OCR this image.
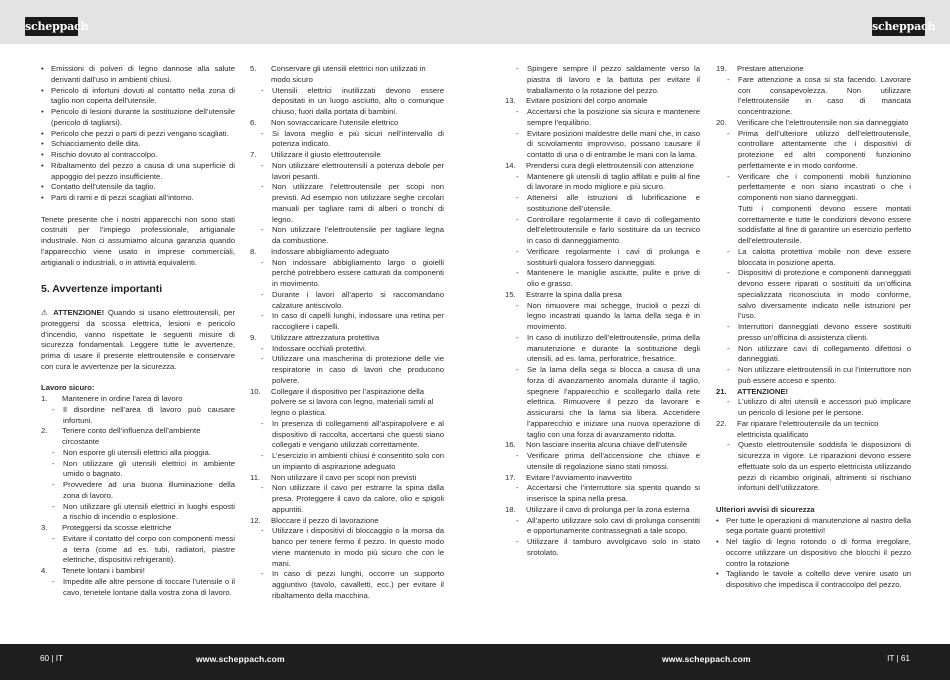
scheppach	scheppach
• Emissioni di polveri di legno dannose alla salute derivanti dall’uso in ambienti chiusi.
• Pericolo di infortuni dovuti al contatto nella zona di taglio non coperta dell’utensile.
• Pericolo di lesioni durante la sostituzione dell’utensile (pericolo di tagliarsi).
• Pericolo che pezzi o parti di pezzi vengano scagliati.
• Schiacciamento delle dita.
• Rischio dovuto al contraccolpo.
• Ribaltamento del pezzo a causa di una superficie di appoggio del pezzo insufficiente.
• Contatto dell’utensile da taglio.
• Parti di rami e di pezzi scagliati all’intorno.

Tenete presente che i nostri apparecchi non sono stati costruiti per l’impiego professionale, artigianale industriale. Non ci assumiamo alcuna garanzia quando l’apparecchio viene usato in imprese commerciali, artigianali o industriali, o in attività equivalenti.

5. Avvertenze importanti

⚠ ATTENZIONE! Quando si usano elettroutensili, per proteggersi da scossa elettrica, lesioni e pericolo d’incendio, vanno rispettate le seguenti misure di sicurezza fondamentali. Leggere tutte le avvertenze, prima di usare il presente elettroutensile e conservare con cura le avvertenze per la sicurezza.

Lavoro sicuro:
1. Mantenere in ordine l’area di lavoro
- Il disordine nell’area di lavoro può causare infortuni.
2. Tenere conto dell’influenza dell’ambiente circostante
- Non esporre gli utensili elettrici alla pioggia.
- Non utilizzare gli utensili elettrici in ambiente umido o bagnato.
- Provvedere ad una buona illuminazione della zona di lavoro.
- Non utilizzare gli utensili elettrici in luoghi esposti a rischio di incendio o esplosione.
3. Proteggersi da scosse elettriche
- Evitare il contatto del corpo con componenti messi a terra (come ad es. tubi, radiatori, piastre elettriche, dispositivi refrigeranti).
4. Tenete lontani i bambini!
- Impedite alle altre persone di toccare l’utensile o il cavo, tenetele lontane dalla vostra zona di lavoro.
5. Conservare gli utensili elettrici non utilizzati in modo sicuro
- Utensili elettrici inutilizzati devono essere depositati in un luogo asciutto, alto o comunque chiuso, fuori dalla portata di bambini.
6. Non sovraccaricare l’utensile elettrico
- Si lavora meglio e più sicuri nell’intervallo di potenza indicato.
7. Utilizzare il giusto elettroutensile
- Non utilizzare elettroutensili a potenza debole per lavori pesanti.
- Non utilizzare l’elettroutensile per scopi non previsti. Ad esempio non utilizzare seghe circolari manuali per tagliare rami di alberi o tronchi di legno.
- Non utilizzare l’elettroutensile per tagliare legna da combustione.
8. Indossare abbigliamento adeguato
- Non indossare abbigliamento largo o gioielli perché potrebbero essere catturati da componenti in movimento.
- Durante i lavori all’aperto si raccomandano calzature antiscivolo.
- In caso di capelli lunghi, indossare una retina per raccogliere i capelli.
9. Utilizzare attrezzatura protettiva
- Indossare occhiali protettivi.
- Utilizzare una mascherina di protezione delle vie respiratorie in caso di lavori che producono polvere.
10. Collegare il dispositivo per l’aspirazione della polvere se si lavora con legno, materiali simili al legno o plastica.
- In presenza di collegamenti all’aspirapolvere e al dispositivo di raccolta, accertarsi che questi siano collegati e vengano utilizzati correttamente.
- L’esercizio in ambienti chiusi è consentito solo con un impianto di aspirazione adeguato
11. Non utilizzare il cavo per scopi non previsti
- Non utilizzare il cavo per estrarre la spina dalla presa. Proteggere il cavo da calore, olio e spigoli appuntiti.
12. Bloccare il pezzo di lavorazione
- Utilizzare i dispositivi di bloccaggio o la morsa da banco per tenere fermo il pezzo. In questo modo viene mantenuto in modo più sicuro che con le mani.
- In caso di pezzi lunghi, occorre un supporto aggiuntivo (tavolo, cavalletti, ecc.) per evitare il ribaltamento della macchina.
- Spingere sempre il pezzo saldamente verso la piastra di lavoro e la battuta per evitare il traballamento o la rotazione del pezzo.
13. Evitare posizioni del corpo anomale
- Accertarsi che la posizione sia sicura e mantenere sempre l’equilibrio.
- Evitare posizioni maldestre delle mani che, in caso di scivolamento improvviso, possano causare il contatto di una o di entrambe le mani con la lama.
14. Prendersi cura degli elettroutensili con attenzione
- Mantenere gli utensili di taglio affilati e puliti al fine di lavorare in modo migliore e più sicuro.
- Attenersi alle istruzioni di lubrificazione e sostituzione dell’utensile.
- Controllare regolarmente il cavo di collegamento dell’elettroutensile e farlo sostituire da un tecnico in caso di danneggiamento.
- Verificare regolarmente i cavi di prolunga e sostituirli qualora fossero danneggiati.
- Mantenere le maniglie asciutte, pulite e prive di olio e grasso.
15. Estrarre la spina dalla presa
- Non rimuovere mai schegge, trucioli o pezzi di legno incastrati quando la lama della sega è in movimento.
- In caso di inutilizzo dell’elettroutensile, prima della manutenzione e durante la sostituzione degli utensili, ad es. lama, perforatrice, fresatrice.
- Se la lama della sega si blocca a causa di una forza di avanzamento anomala durante il taglio, spegnere l’apparecchio e scollegarlo dalla rete elettrica. Rimuovere il pezzo da lavorare e assicurarsi che la lama sia libera. Accendere l’apparecchio e iniziare una nuova operazione di taglio con una forza di avanzamento ridotta.
16. Non lasciare inserita alcuna chiave dell’utensile
- Verificare prima dell’accensione che chiave e utensile di regolazione siano stati rimossi.
17. Evitare l’avviamento inavvertito
- Accertarsi che l’interruttore sia spento quando si inserisce la spina nella presa.
18. Utilizzare il cavo di prolunga per la zona esterna
- All’aperto utilizzare solo cavi di prolunga consentiti e opportunamente contrassegnati a tale scopo.
- Utilizzare il tamburo avvolgicavo solo in stato srotolato.
19. Prestare attenzione
- Fare attenzione a cosa si sta facendo. Lavorare con consapevolezza. Non utilizzare l’elettroutensile in caso di mancata concentrazione.
20. Verificare che l’elettroutensile non sia danneggiato
- Prima dell’ulteriore utilizzo dell’elettroutensile, controllare attentamente che i dispositivi di protezione ed altri componenti funzionino perfettamente e in modo conforme.
- Verificare che i componenti mobili funzionino perfettamente e non siano incastrati o che i componenti non siano danneggiati.
Tutti i componenti devono essere montati correttamente e tutte le condizioni devono essere soddisfatte al fine di garantire un esercizio perfetto dell’elettroutensile.
- La calotta protettiva mobile non deve essere bloccata in posizione aperta.
- Dispositivi di protezione e componenti danneggiati devono essere riparati o sostituiti da un’officina specializzata riconosciuta in modo conforme, salvo diversamente indicato nelle istruzioni per l’uso.
- Interruttori danneggiati devono essere sostituiti presso un’officina di assistenza clienti.
- Non utilizzare cavi di collegamento difettosi o danneggiati.
- Non utilizzare elettroutensili in cui l’interruttore non può essere acceso e spento.
21. ATTENZIONE!
- L’utilizzo di altri utensili e accessori può implicare un pericolo di lesione per le persone.
22. Far riparare l’elettroutensile da un tecnico elettricista qualificato
- Questo elettroutensile soddisfa le disposizioni di sicurezza in vigore. Le riparazioni devono essere effettuate solo da un esperto elettricista utilizzando pezzi di ricambio originali, altrimenti si rischiano infortuni dell’utilizzatore.
Ulteriori avvisi di sicurezza
• Per tutte le operazioni di manutenzione al nastro della sega portate guanti protettivi!
• Nel taglio di legno rotondo o di forma irregolare, occorre utilizzare un dispositivo che blocchi il pezzo contro la rotazione
• Tagliando le tavole a coltello deve venire usato un dispositivo che impedisca il contraccolpo del pezzo.
60 | IT	www.scheppach.com	www.scheppach.com	IT | 61
